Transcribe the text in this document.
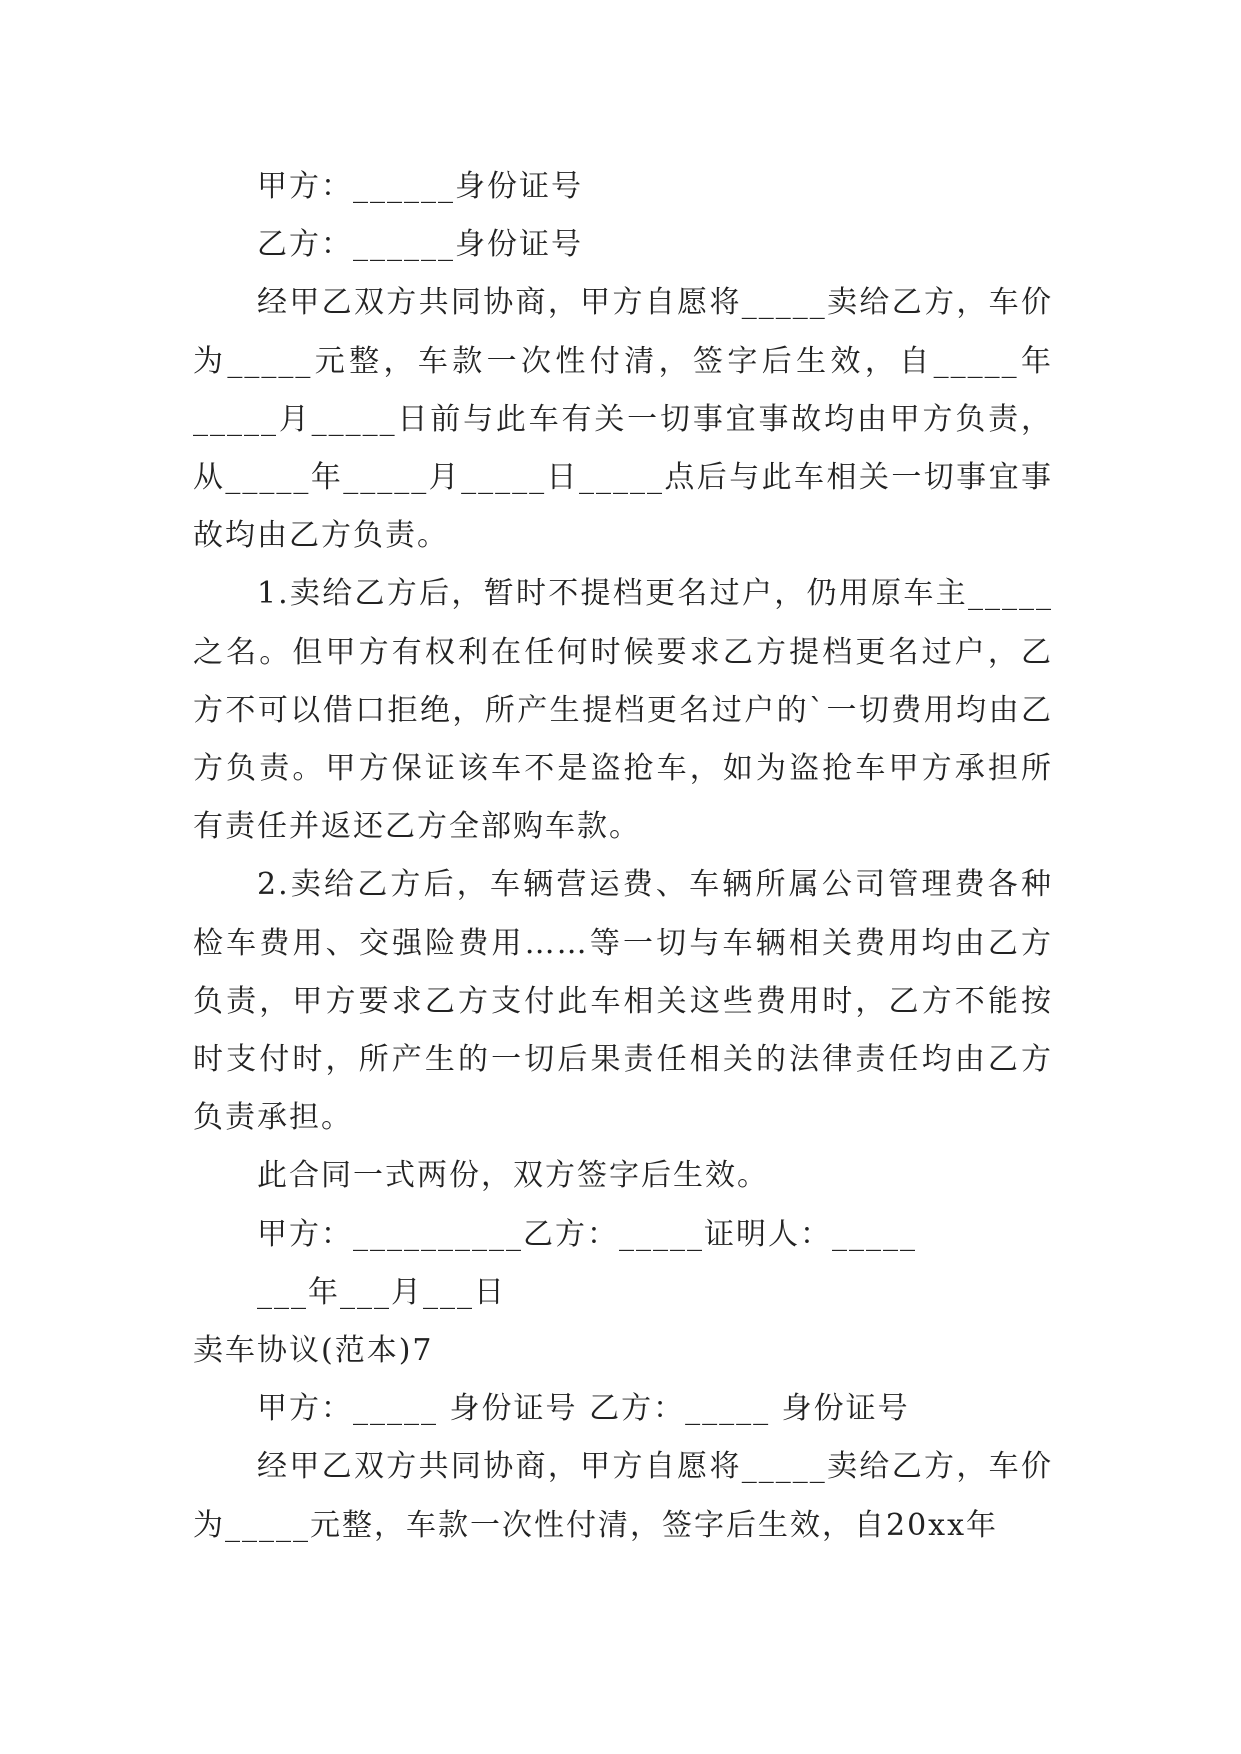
甲方：______身份证号

乙方：______身份证号

经甲乙双方共同协商，甲方自愿将_____卖给乙方，车价为_____元整，车款一次性付清，签字后生效，自_____年_____月_____日前与此车有关一切事宜事故均由甲方负责，从_____年_____月_____日_____点后与此车相关一切事宜事故均由乙方负责。

1.卖给乙方后，暂时不提档更名过户，仍用原车主_____之名。但甲方有权利在任何时候要求乙方提档更名过户，乙方不可以借口拒绝，所产生提档更名过户的`一切费用均由乙方负责。甲方保证该车不是盗抢车，如为盗抢车甲方承担所有责任并返还乙方全部购车款。

2.卖给乙方后，车辆营运费、车辆所属公司管理费各种检车费用、交强险费用……等一切与车辆相关费用均由乙方负责，甲方要求乙方支付此车相关这些费用时，乙方不能按时支付时，所产生的一切后果责任相关的法律责任均由乙方负责承担。

此合同一式两份，双方签字后生效。

甲方：__________乙方：_____证明人：_____

___年___月___日

卖车协议(范本)7

甲方：_____ 身份证号 乙方：_____ 身份证号

经甲乙双方共同协商，甲方自愿将_____卖给乙方，车价为_____元整，车款一次性付清，签字后生效，自20xx年
